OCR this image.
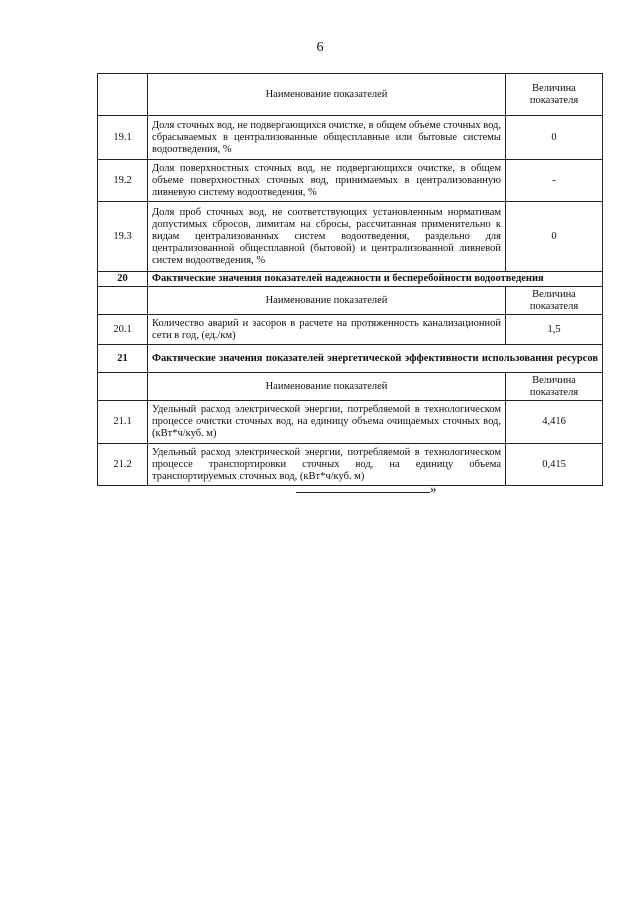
6
	Наименование показателей	Величина показателя
19.1	Доля сточных вод, не подвергающихся очистке, в общем объеме сточных вод, сбрасываемых в централизованные общесплавные или бытовые системы водоотведения, %	0
19.2	Доля поверхностных сточных вод, не подвергающихся очистке, в общем объеме поверхностных сточных вод, принимаемых в централизованную ливневую систему водоотведения, %	-
19.3	Доля проб сточных вод, не соответствующих установленным нормативам допустимых сбросов, лимитам на сбросы, рассчитанная применительно к видам централизованных систем водоотведения, раздельно для централизованной общесплавной (бытовой) и централизованной ливневой систем водоотведения, %	0
20	Фактические значения показателей надежности и бесперебойности водоотведения	
	Наименование показателей	Величина показателя
20.1	Количество аварий и засоров в расчете на протяженность канализационной сети в год, (ед./км)	1,5
21	Фактические значения показателей энергетической эффективности использования ресурсов	
	Наименование показателей	Величина показателя
21.1	Удельный расход электрической энергии, потребляемой в технологическом процессе очистки сточных вод, на единицу объема очищаемых сточных вод, (кВт*ч/куб. м)	4,416
21.2	Удельный расход электрической энергии, потребляемой в технологическом процессе транспортировки сточных вод, на единицу объема транспортируемых сточных вод, (кВт*ч/куб. м)	0,415
»
